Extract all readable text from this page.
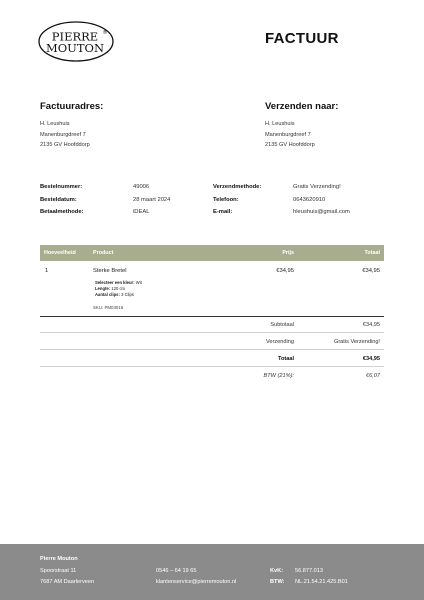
PIERRE
MOUTON
®	FACTUUR
Factuuradres:
H. Leushuis
Manenburgdreef 7
2135 GV Hoofddorp
Verzenden naar:
H. Leushuis
Manenburgdreef 7
2135 GV Hoofddorp
Bestelnummer:	49006
Besteldatum:	28 maart 2024
Betaalmethode:	iDEAL
Verzendmethode:	Gratis Verzending!
Telefoon:	0643620910
E-mail:	hleushuis@gmail.com
Hoeveelheid	Product	Prijs	Totaal
1	Sterke Bretel	€34,95	€34,95
Selecteer een kleur: Wit
Lengte: 120 cm
Aantal clips: 3 Clips
SKU: PM03016
Subtotaal	€34,95
Verzending	Gratis Verzending!
Totaal	€34,95
BTW (21%):	€6,07
Pierre Mouton
Spoorstraat 11
7687 AM Daarlerveen
0546 – 64 19 65
klantenservice@pierremouton.nl
KvK: 56.877.013
BTW: NL.21.54.21.425.B01
